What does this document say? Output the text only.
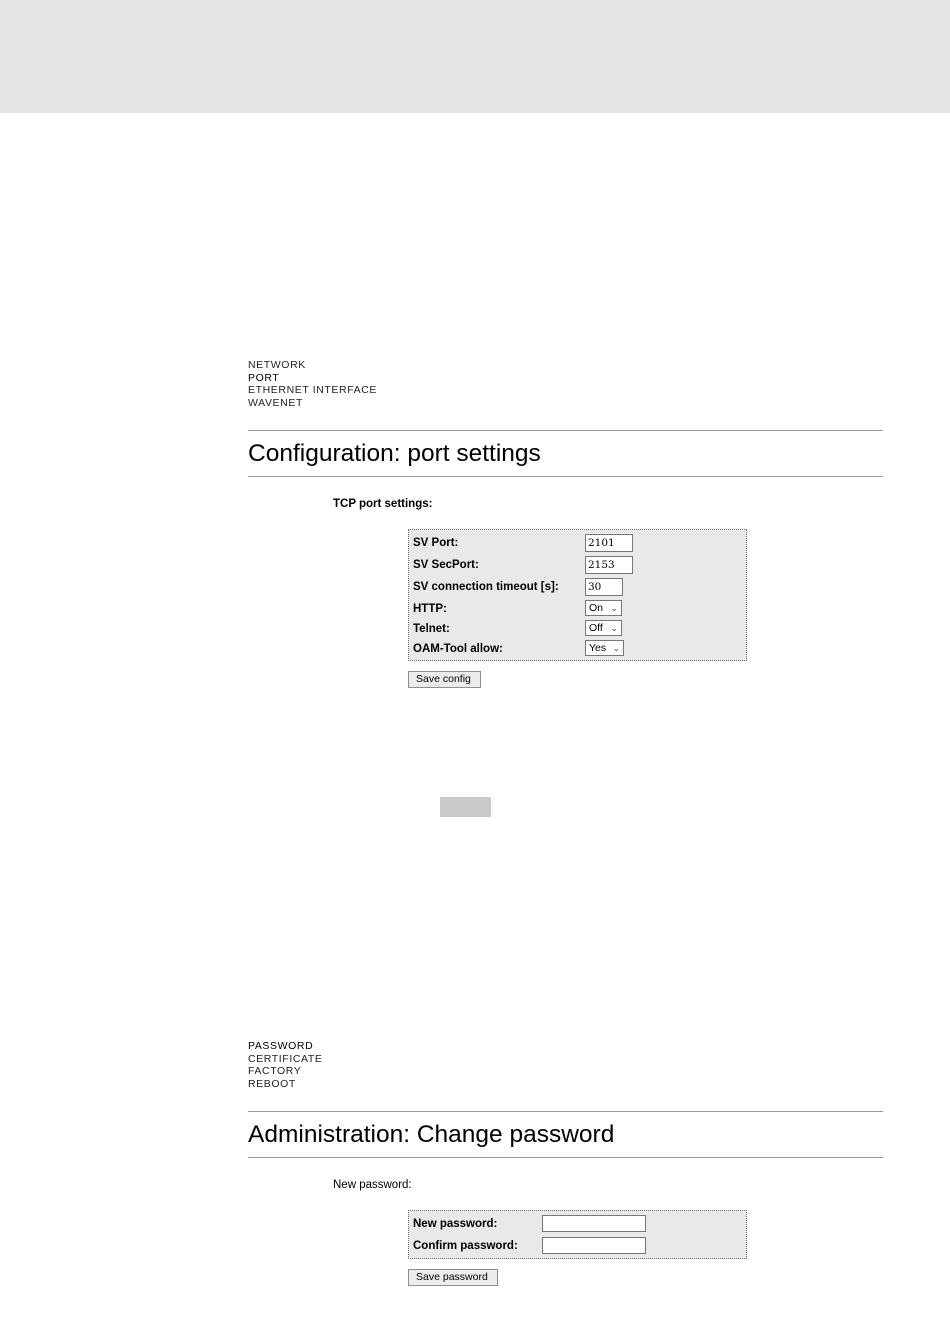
NETWORK
PORT
ETHERNET INTERFACE
WAVENET
Configuration: port settings
TCP port settings:
SV Port:
2101
SV SecPort:
2153
SV connection timeout [s]:
30
HTTP:	On ⌄
Telnet:	Off ⌄
OAM-Tool allow:	Yes ⌄
Save config
PASSWORD
CERTIFICATE
FACTORY
REBOOT
Administration: Change password
New password:
New password:
Confirm password:
Save password
